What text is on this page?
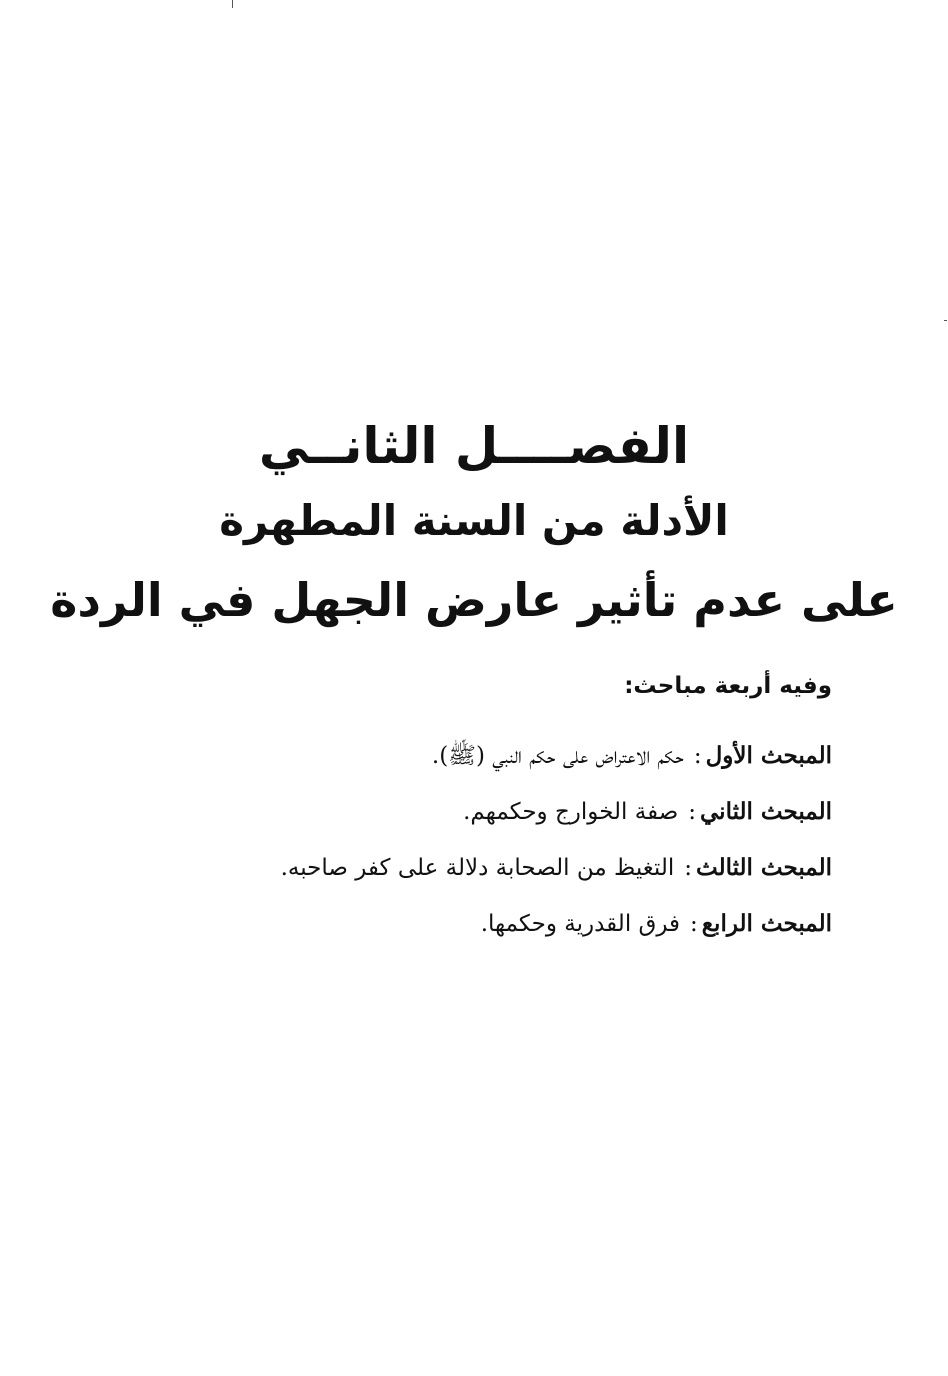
الفصــــل الثانــي
الأدلة من السنة المطهرة
على عدم تأثير عارض الجهل في الردة
وفيه أربعة مباحث:
المبحث الأول:حكم الاعتراض على حكم النبي (ﷺ).
المبحث الثاني:صفة الخوارج وحكمهم.
المبحث الثالث:التغيظ من الصحابة دلالة على كفر صاحبه.
المبحث الرابع:فرق القدرية وحكمها.
